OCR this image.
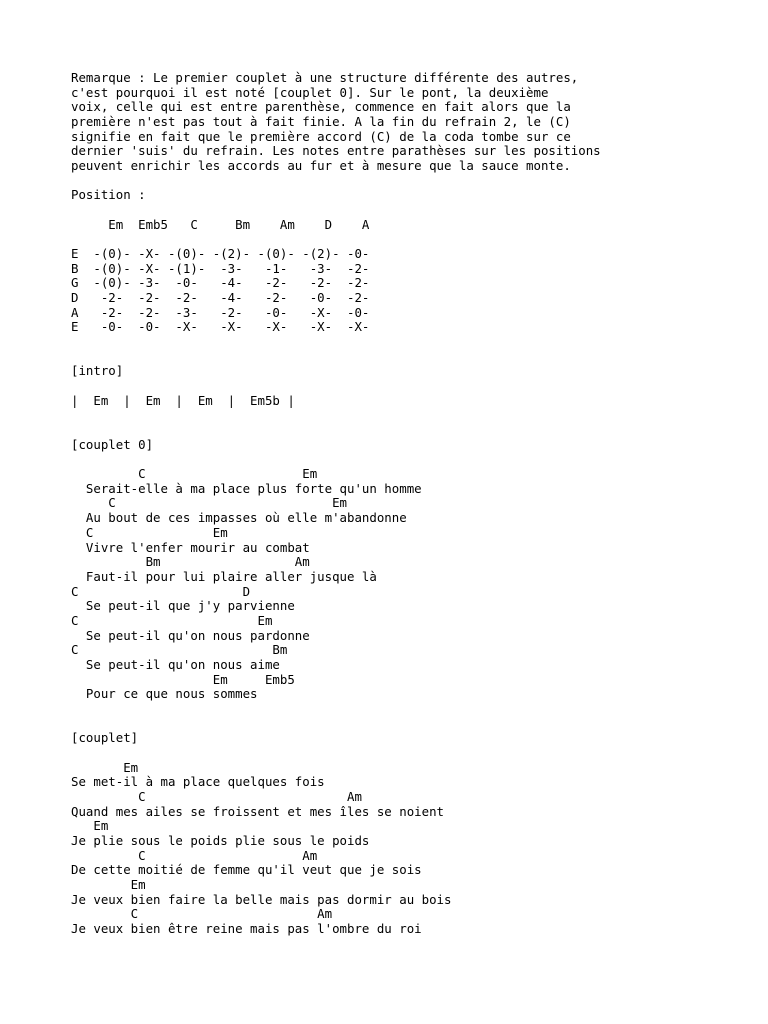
Remarque : Le premier couplet à une structure différente des autres,
c'est pourquoi il est noté [couplet 0]. Sur le pont, la deuxième
voix, celle qui est entre parenthèse, commence en fait alors que la
première n'est pas tout à fait finie. A la fin du refrain 2, le (C)
signifie en fait que le première accord (C) de la coda tombe sur ce
dernier 'suis' du refrain. Les notes entre parathèses sur les positions
peuvent enrichir les accords au fur et à mesure que la sauce monte.

Position :

Em  Emb5   C     Bm    Am    D    A

E  -(0)- -X- -(0)- -(2)- -(0)- -(2)- -0-
B  -(0)- -X- -(1)-  -3-   -1-   -3-  -2-
G  -(0)- -3-  -0-   -4-   -2-   -2-  -2-
D   -2-  -2-  -2-   -4-   -2-   -0-  -2-
A   -2-  -2-  -3-   -2-   -0-   -X-  -0-
E   -0-  -0-  -X-   -X-   -X-   -X-  -X-

[intro]

|  Em  |  Em  |  Em  |  Em5b |

[couplet 0]

C                     Em
Serait-elle à ma place plus forte qu'un homme
C                             Em
Au bout de ces impasses où elle m'abandonne
C                Em
Vivre l'enfer mourir au combat
Bm                  Am
Faut-il pour lui plaire aller jusque là
C                      D
Se peut-il que j'y parvienne
C                        Em
Se peut-il qu'on nous pardonne
C                          Bm
Se peut-il qu'on nous aime
Em     Emb5
Pour ce que nous sommes

[couplet]

Em
Se met-il à ma place quelques fois
C                           Am
Quand mes ailes se froissent et mes îles se noient
Em
Je plie sous le poids plie sous le poids
C                     Am
De cette moitié de femme qu'il veut que je sois
Em
Je veux bien faire la belle mais pas dormir au bois
C                        Am
Je veux bien être reine mais pas l'ombre du roi
